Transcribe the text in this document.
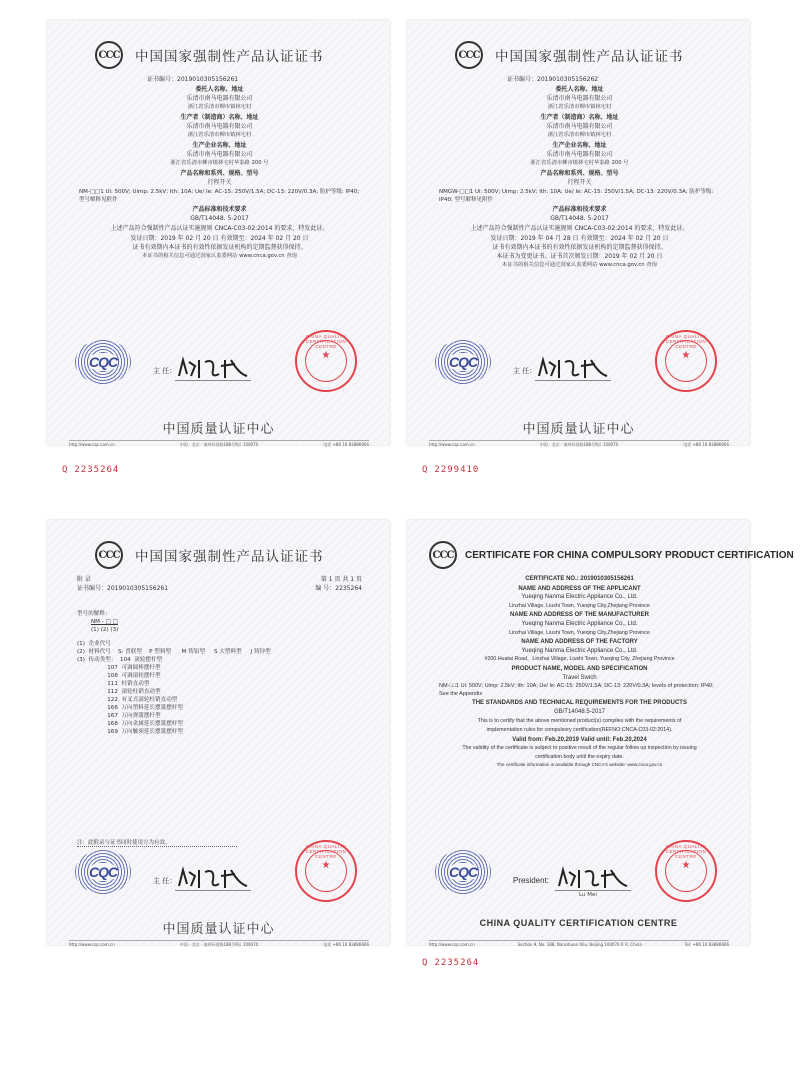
CCC 中国国家强制性产品认证证书
证书编号：2019010305156261
委托人名称、地址
乐清市南马电器有限公司
浙江省乐清市柳市镇林宅村
生产者（制造商）名称、地址
乐清市南马电器有限公司
浙江省乐清市柳市镇林宅村
生产企业名称、地址
乐清市南马电器有限公司
浙江省乐清市柳市镇林宅村华泰路 200 号
产品名称和系列、规格、型号
行程开关
NM-□□1 Ui: 500V; Uimp: 2.5kV; Ith: 10A; Ue/ Ie: AC-15: 250V/1.5A; DC-13: 220V/0.3A; 防护等级: IP40; 型号解释见附件
产品标准和技术要求
GB/T14048. 5-2017
上述产品符合强制性产品认证实施规则 CNCA-C03-02:2014 的要求，特发此证。
发证日期：2019 年 02 月 20 日 有效期至：2024 年 02 月 20 日
证书有效期内本证书的有效性依据发证机构的定期监督获得保持。
本证书的相关信息可通过国家认监委网站 www.cnca.gov.cn 查询
CQC
主 任：
CHINA QUALITY CERTIFICATION CENTRE
★
中国质量认证中心
http://www.cqc.com.cn	中国 · 北京 · 南四环西路188号9区 100070	电话 +86 10 83886666
Q 2235264
CCC 中国国家强制性产品认证证书
证书编号：2019010305156262
委托人名称、地址
乐清市南马电器有限公司
浙江省乐清市柳市镇林宅村
生产者（制造商）名称、地址
乐清市南马电器有限公司
浙江省乐清市柳市镇林宅村
生产企业名称、地址
乐清市南马电器有限公司
浙江省乐清市柳市镇林宅村华泰路 200 号
产品名称和系列、规格、型号
行程开关
NMGW-□□1 Ui: 500V; Uimp: 2.5kV; Ith: 10A; Ue/ Ie: AC-15: 250V/1.5A; DC-13: 220V/0.3A; 防护等级: IP40; 型号解释见附件
产品标准和技术要求
GB/T14048. 5-2017
上述产品符合强制性产品认证实施规则 CNCA-C03-02:2014 的要求，特发此证。
发证日期：2019 年 04 月 28 日 有效期至：2024 年 02 月 20 日
证书有效期内本证书的有效性依据发证机构的定期监督获得保持。
本证书为变更证书。证书首次颁发日期：2019 年 02 月 20 日
本证书的相关信息可通过国家认监委网站 www.cnca.gov.cn 查询
CQC
主 任：
CHINA QUALITY CERTIFICATION CENTRE
★
中国质量认证中心
http://www.cqc.com.cn	中国 · 北京 · 南四环西路188号9区 100070	电话 +86 10 83886666
Q 2299410
CCC 中国国家强制性产品认证证书
附 录	第 1 页 共 1 页
证书编号：2019010305156261	编 号：2235264
型号的解释：
NM - □ □
(1) (2) (3)
(1)  企业代号
(2)  材料代号    S: 普联型    P 塑料型      M 铸铝型     S 大塑料型     J 铸锌型
(3)  传动类型：  104  滚轮摆杆型
107  可调圆棒摆杆型
108  可调滚轮摆杆型
111  柱销直动型
112  滚轮柱销直动型
122  有叉式滚轮柱销直动型
166  万向塑料延长摆簧摆杆型
167  万向弹簧摆杆型
168  万向金属延长摆簧摆杆型
169  万向触须延长摆簧摆杆型
注：此附录与证书同时使用方为有效。
CQC
主 任：
CHINA QUALITY CERTIFICATION CENTRE
★
中国质量认证中心
http://www.cqc.com.cn	中国 · 北京 · 南四环西路188号9区 100070	电话 +86 10 83886666
CCC CERTIFICATE FOR CHINA COMPULSORY PRODUCT CERTIFICATION
CERTIFICATE NO.: 2019010305156261
NAME AND ADDRESS OF THE APPLICANT
Yueqing Nanma Electric Appliance Co., Ltd.
Linzhai Village, Liushi Town, Yueqing City,Zhejiang Province
NAME AND ADDRESS OF THE MANUFACTURER
Yueqing Nanma Electric Appliance Co., Ltd.
Linzhai Village, Liushi Town, Yueqing City,Zhejiang Province
NAME AND ADDRESS OF THE FACTORY
Yueqing Nanma Electric Appliance Co., Ltd.
#200 Huatai Road，Linzhai Village, Liushi Town, Yueqing City, Zhejiang Province
PRODUCT NAME, MODEL AND SPECIFICATION
Travel Swich
NM-□□1 Ui: 500V; Uimp: 2.5kV; Ith: 10A; Ue/ Ie: AC-15: 250V/1.5A; DC-13: 220V/0.3A; levels of protection: IP40; See the Appendix
THE STANDARDS AND TECHNICAL REQUIREMENTS FOR THE PRODUCTS
GB/T14048.5-2017
This is to certify that the above mentioned product(s) complies with the requirements of implementation rules for compulsory certification(REFNO:CNCA-C03-02:2014).
Valid from: Feb.20,2019 Valid until: Feb.20,2024
The validity of the certificate is subject to positive result of the regular follow up inspection by issuing certification body until the expiry date.
The certificate information is available through CNCA's website: www.cnca.gov.cn
CQC
President:
Lu Mei
CHINA QUALITY CERTIFICATION CENTRE
★
CHINA QUALITY CERTIFICATION CENTRE
http://www.cqc.com.cn	Section 9, No. 188, Nansihuan Xilu, Beijing 100070 P. R. China	Tel: +86 10 83886666
Q 2235264
